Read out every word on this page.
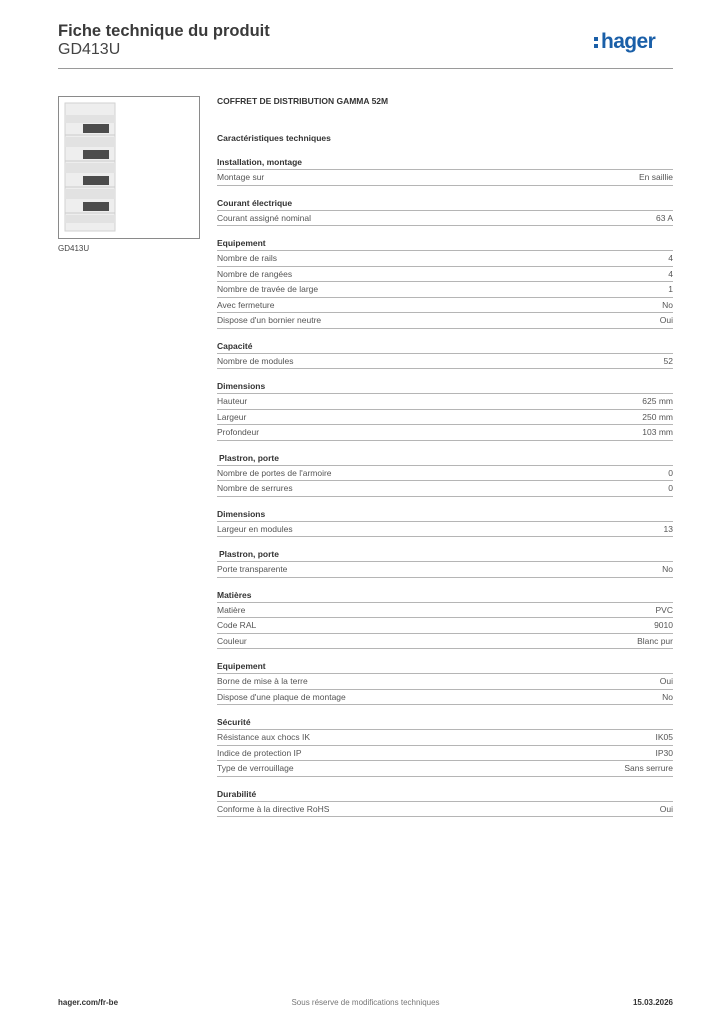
Fiche technique du produit
GD413U	hager
GD413U
COFFRET DE DISTRIBUTION GAMMA 52M
Caractéristiques techniques
Installation, montage
Montage sur	En saillie
Courant électrique
Courant assigné nominal	63 A
Equipement
Nombre de rails	4
Nombre de rangées	4
Nombre de travée de large	1
Avec fermeture	No
Dispose d'un bornier neutre	Oui
Capacité
Nombre de modules	52
Dimensions
Hauteur	625 mm
Largeur	250 mm
Profondeur	103 mm
Plastron, porte
Nombre de portes de l'armoire	0
Nombre de serrures	0
Dimensions
Largeur en modules	13
Plastron, porte
Porte transparente	No
Matières
Matière	PVC
Code RAL	9010
Couleur	Blanc pur
Equipement
Borne de mise à la terre	Oui
Dispose d'une plaque de montage	No
Sécurité
Résistance aux chocs IK	IK05
Indice de protection IP	IP30
Type de verrouillage	Sans serrure
Durabilité
Conforme à la directive RoHS	Oui
Sous réserve de modifications techniques
hager.com/fr-be	15.03.2026
